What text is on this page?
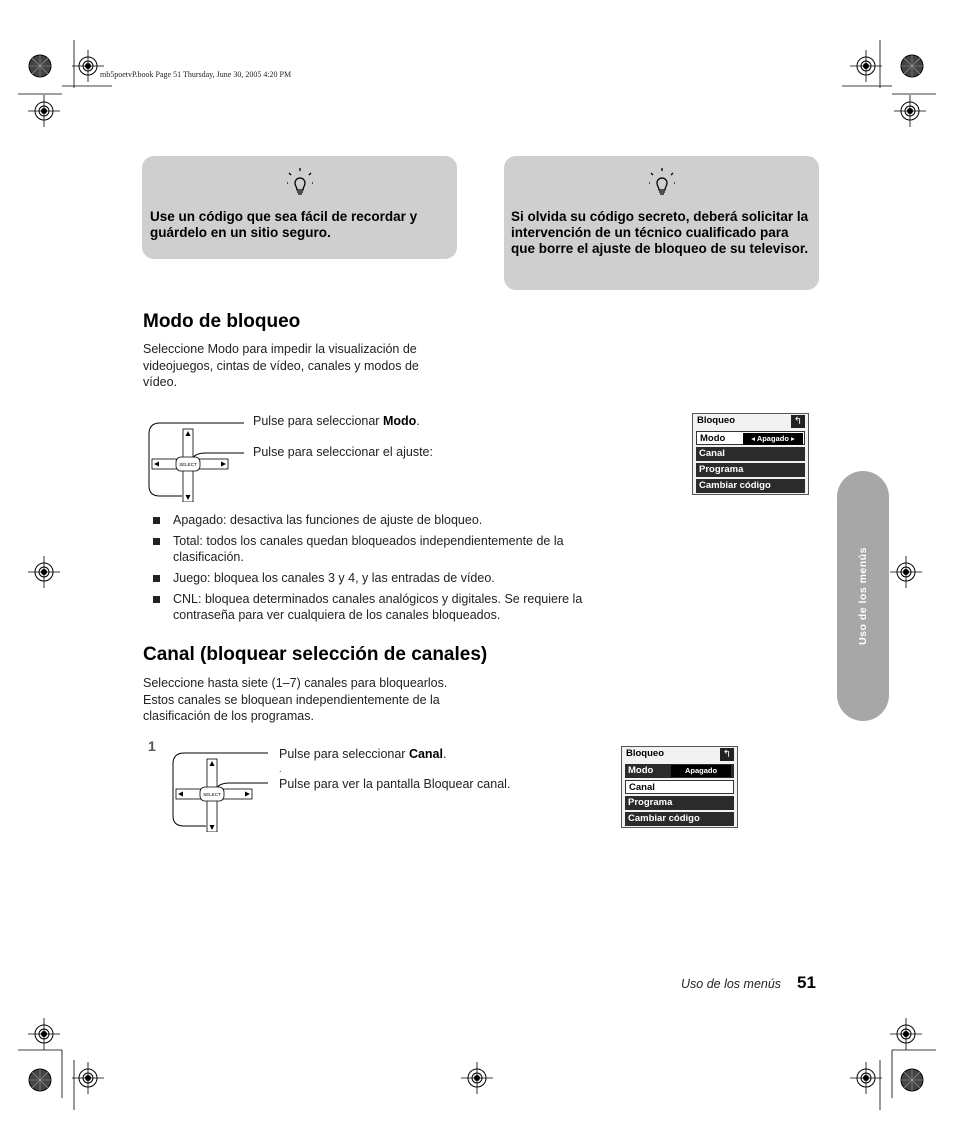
mb5poetvP.book Page 51 Thursday, June 30, 2005 4:20 PM
Use un código que sea fácil de recordar y guárdelo en un sitio seguro.
Si olvida su código secreto, deberá solicitar la intervención de un técnico cualificado para que borre el ajuste de bloqueo de su televisor.
Modo de bloqueo

Seleccione Modo para impedir la visualización de videojuegos, cintas de vídeo, canales y modos de vídeo.

SELECT
Pulse para seleccionar Modo.
Pulse para seleccionar el ajuste:
Bloqueo	↰
Modo	◂ Apagado ▸
Canal
Programa
Cambiar código
Apagado: desactiva las funciones de ajuste de bloqueo.
Total: todos los canales quedan bloqueados independientemente de la clasificación.
Juego: bloquea los canales 3 y 4, y las entradas de vídeo.
CNL: bloquea determinados canales analógicos y digitales. Se requiere la contraseña para ver cualquiera de los canales bloqueados.
Canal (bloquear selección de canales)

Seleccione hasta siete (1–7) canales para bloquearlos. Estos canales se bloquean independientemente de la clasificación de los programas.

1
SELECT
Pulse para seleccionar Canal.
.
Pulse para ver la pantalla Bloquear canal.
Bloqueo	↰
Modo	Apagado
Canal
Programa
Cambiar código
Uso de los menús
Uso de los menús 51
